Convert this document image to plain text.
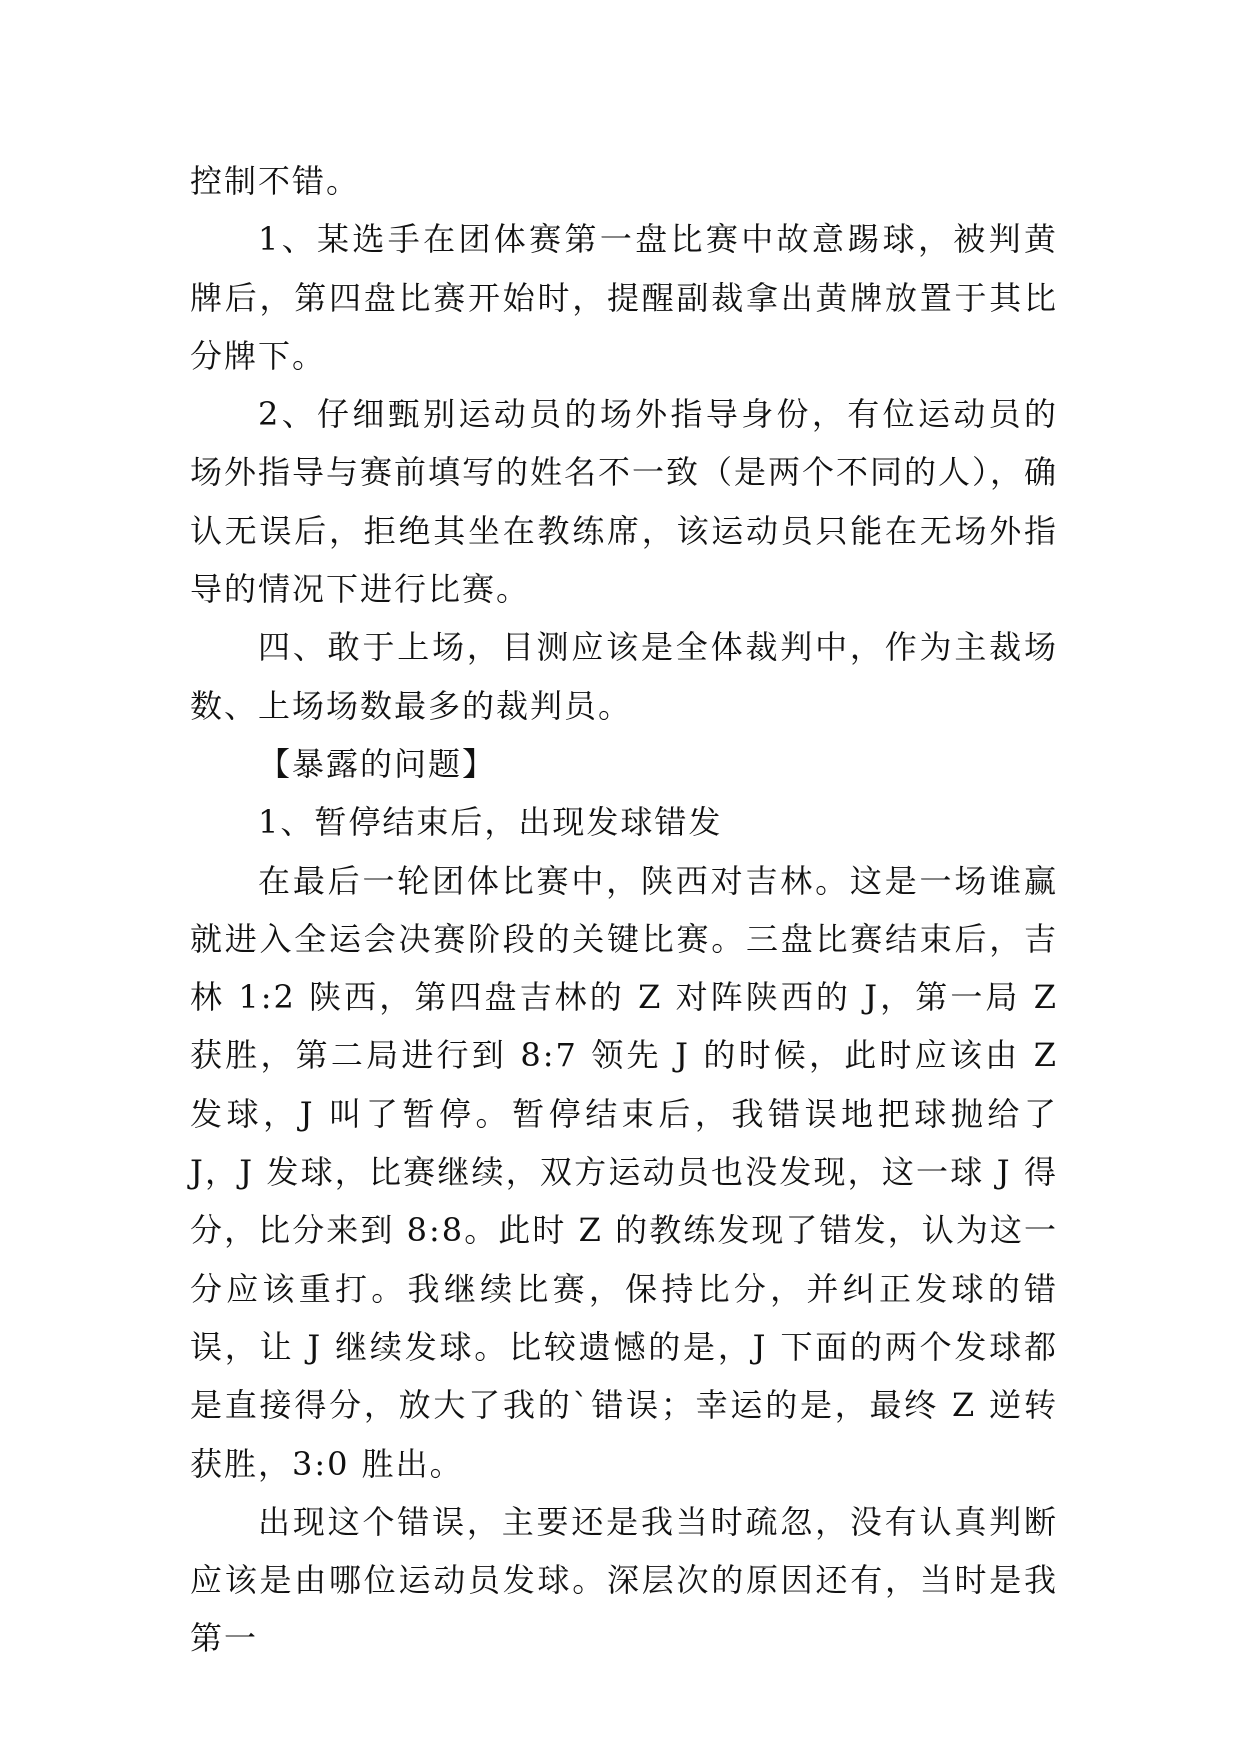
控制不错。

1、某选手在团体赛第一盘比赛中故意踢球，被判黄牌后，第四盘比赛开始时，提醒副裁拿出黄牌放置于其比分牌下。

2、仔细甄别运动员的场外指导身份，有位运动员的场外指导与赛前填写的姓名不一致（是两个不同的人），确认无误后，拒绝其坐在教练席，该运动员只能在无场外指导的情况下进行比赛。

四、敢于上场，目测应该是全体裁判中，作为主裁场数、上场场数最多的裁判员。

【暴露的问题】

1、暂停结束后，出现发球错发

在最后一轮团体比赛中，陕西对吉林。这是一场谁赢就进入全运会决赛阶段的关键比赛。三盘比赛结束后，吉林 1:2 陕西，第四盘吉林的 Z 对阵陕西的 J，第一局 Z 获胜，第二局进行到 8:7 领先 J 的时候，此时应该由 Z 发球，J 叫了暂停。暂停结束后，我错误地把球抛给了 J，J 发球，比赛继续，双方运动员也没发现，这一球 J 得分，比分来到 8:8。此时 Z 的教练发现了错发，认为这一分应该重打。我继续比赛，保持比分，并纠正发球的错误，让 J 继续发球。比较遗憾的是，J 下面的两个发球都是直接得分，放大了我的`错误；幸运的是，最终 Z 逆转获胜，3:0 胜出。

出现这个错误，主要还是我当时疏忽，没有认真判断应该是由哪位运动员发球。深层次的原因还有，当时是我第一
